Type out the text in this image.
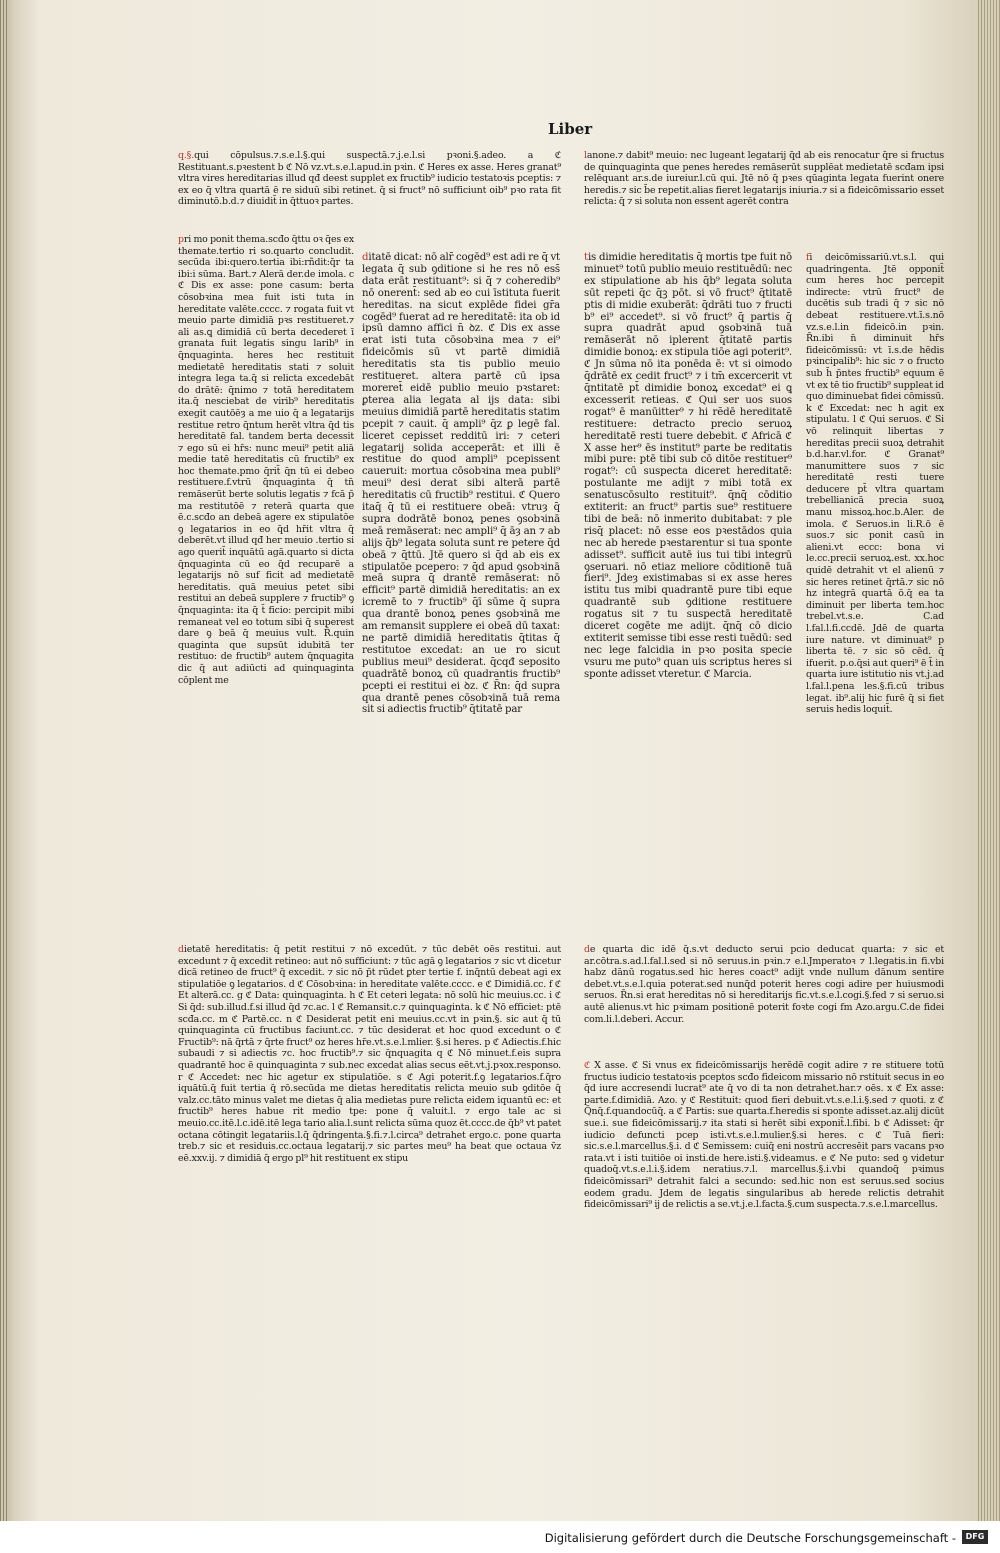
Liber
q.§.qui cōpulsus.⁊.s.e.l.§.qui suspectā.⁊.j.e.l.si pꝛoni.§.adeo. a ℭ Restituant.s.pꝛestent b ℭ Nō vz.vt.s.e.l.apud.in pꝛin. ℭ Heres ex asse. Heres granat⁹ vltra vires hereditarias illud qđ deest supplet ex fructib⁹ iudicio testatoꝛis pceptis: ⁊ ex eo q̄ vltra quartā ē re siduū sibi retinet. q̄ si fruct⁹ nō sufficiunt oib⁹ pꝛo rata fit diminutō.b.d.⁊ diuidit̄ in q̄ttuoꝛ partes.
pri mo ponit thema.scđo q̄ttu oꝛ q̄es ex themate.tertio ri so.quarto concludit. secūda ibi:quero.tertia ibi:rñdit:q̄r ta ibi:i sūma. Bart.⁊ Alerā der.de imola. c ℭ Dis ex asse: pone casum: berta cōsobꝛina mea fuit isti tuta in hereditate valēte.cccc. ⁊ rogata fuit vt meuio parte dimidiā pꝛs restitueret.⁊ ali as.ꝗ dimidiā cū berta decederet ī granata fuit legatis singu larib⁹ in q̄nquaginta. heres hec restituit medietatē hereditatis stati ⁊ soluit integra lega ta.q̄ si relicta excedebāt do drātē: q̄nimo ⁊ totā hereditatem ita.q̄ nesciebat de virib⁹ hereditatis exegit cautōēȝ a me uio q̄ a legatarijs restitue retro q̄ntum herēt vltra q̄d tis hereditatē fal. tandem berta decessit ⁊ ego sū ei hr̄s: nunc meui⁹ petit aliā medie tatē hereditatis cū fructib⁹ ex hoc themate.pmo q̄rit̄ q̄n tū ei debeo restituere.f.vtrū q̄nquaginta q̄ tn̄ remāserūt berte solutis legatis ⁊ fcā p̄ ma restitutōē ⁊ reterā quarta que ē.c.scđo an debeā agere ex stipulatōe ꝯ legatarios in eo q̄d hr̄it vltra q̄ deberēt.vt illud qđ her meuio .tertio si ago querit̄ inquātū agā.quarto si dicta q̄nquaginta cū eo q̄d recuparē a legatarijs nō suf ficit ad medietatē hereditatis. quā meuius petet sibi restitui an debeā supplere ⁊ fructib⁹ ꝯ q̄nquaginta: ita q̄ t̄ ficio: percipit mibi remaneat vel eo totum sibi q̄ superest dare ꝯ beā q̄ meuius vult. R̄.quin quaginta que supsūt idubitā ter restituo: de fructib⁹ autem q̄nquagita dic q̄ aut adiūcti ad quinquaginta cōplent me
ditatē dicat: nō alr̄ cogēd⁹ est adi re q̄ vt legata q̄ sub ꝯditione si he res nō ess̄ data erāt restituant⁹: si q̄ ⁊ coheredib⁹ nō onerent̄: sed ab eo cui īstituta fuerit hereditas. na sicut explēde fidei gr̄a cogēd⁹ fuerat ad re hereditatē: ita ob id ipsū damno affici n̄ ꝺz. ℭ Dis ex asse erat isti tuta cōsobꝛina mea ⁊ ei⁹ fideicōmis sū vt partē dimidiā hereditatis sta tis publio meuio restitueret. altera partē cū ipsa moreret̄ eidē publio meuio pꝛstaret: ꝑterea alia legata al ijs data: sibi meuius dimidiā partē hereditatis statim pcepit ⁊ cauit. q̄ ampli⁹ q̄z ꝑ legē fal. liceret cepisset redditū iri: ⁊ ceteri legatarij solida acceperāt: et illi ē restitue do quod ampli⁹ pcepissent caueruit: mortua cōsobꝛina mea publi⁹ meui⁹ desi derat sibi alterā partē hereditatis cū fructib⁹ restitui. ℭ Quero itaq̄ q̄ tū ei restituere obeā: vtruȝ q̄ supra dodrātē bonoꝝ penes ꝯsobꝛinā meā remāserat: nec ampli⁹ q̄ āȝ an ⁊ ab alijs q̄b⁹ legata soluta sunt re petere q̄d obeā ⁊ q̄ttū. Jtē quero si q̄d ab eis ex stipulatōe pcepero: ⁊ q̄d apud ꝯsobꝛinā meā supra q̄ drantē remāserat: nō efficit⁹ partē dimidiā hereditatis: an ex icremē to ⁊ fructib⁹ q̄ī sūme q̄ supra qua drantē bonoꝝ penes ꝯsobꝛinā me am remansit supplere ei obeā dū taxat: ne partē dimidiā hereditatis q̄titas q̄ restitutoe excedat: an ue ro sicut publius meui⁹ desiderat. q̄cqđ seposito quadrātē bonoꝝ cū quadrantis fructib⁹ pcepti ei restitui ei ꝺz. ℭ R̄n: q̄d supra qua drantē penes cōsobꝛinā tuā rema sit si adiectis fructib⁹ q̄titatē par
tis dimidie hereditatis q̄ mortis tpe fuit nō minuet⁹ totū publio meuio restituēdū: nec ex stipulatione ab his q̄b⁹ legata soluta sūt repeti q̄c q̄ꝫ pōt. si vō fruct⁹ q̄titatē ptis di midie exuberāt: q̄drāti tuo ⁊ fructi b⁹ ei⁹ accedet⁹. si vō fruct⁹ q̄ partis q̄ supra quadrāt apud ꝯsobꝛinā tuā remāserāt nō iplerent q̄titatē partis dimidie bonoꝝ: ex stipula tiōe agi poterit⁹. ℭ Jn sūma nō ita ponēda ē: vt si oimodo q̄drātē ex cedit fruct⁹ ⁊ i tm̄ excercerit vt q̄ntitatē pt̄ dimidie bonoꝝ excedat⁹ ei ꝗ excesserit retieas. ℭ Qui ser uos suos rogat⁹ ē manūitter⁹ ⁊ hi rẽdē hereditatē restituere: detracto precio seruoꝝ hereditatē resti tuere debebit. ℭ Africā ℭ X asse her⁹ ēs institut⁹ parte be reditatis mibi pure: ptē tibi sub cō ditōe restituer⁹ rogat⁹: cū suspecta diceret hereditatē: postulante me adijt ⁊ mibi totā ex senatuscōsulto restituit⁹. q̄nq̄ cōditio extiterit: an fruct⁹ partis sue⁹ restituere tibi de beā: nō inmerito dubitabat: ⁊ ple risq̄ placet: nō esse eos pꝛestādos quia nec ab herede pꝛestarentur si tua sponte adisset⁹. sufficit autē ius tui tibi integrū ꝯseruari. nō etiaz meliore cōditionē tuā fieri⁹. Jdeȝ existimabas si ex asse heres istitu tus mibi quadrantē pure tibi eque quadrantē sub ꝯditione restituere rogatus sit ⁊ tu suspectā hereditatē diceret cogēte me adijt. q̄nq̄ cō dicio extiterit semisse tibi esse resti tuēdū: sed nec lege falcidia in pꝛo posita specie vsuru me puto⁹ quan uis scriptus heres si sponte adisset vteretur. ℭ Marcia.
lanone.⁊ dabit⁹ meuio: nec lugeant legatarij q̄d ab eis renocatur q̄re si fructus de quinquaginta que penes heredes remāserūt supplēat medietatē scđam ipsi relēquant ar.s.de iureiur.l.cū qui. Jtē nō q̄ pꝛes qūaginta legata fuerint onere heredis.⁊ sic b̄e repetit.alias fieret legatarijs iniuria.⁊ si a fideicōmissario esset relicta: q̄ ⁊ si soluta non essent agerēt contra
fi deicōmissariū.vt.s.l. qui quadringenta. Jtē opponit̄ cum heres hoc percepit indirecte: vtrū fruct⁹ de ducētis sub tradi q̄ ⁊ sic nō debeat restituere.vt.ī.s.nō vz.s.e.l.in fideicō.in pꝛin. R̄n.ibi n̄ diminuit hr̄s fideicōmissū: vt ī.s.de hēdis pꝛincipalib⁹: hic sic ⁊ o fructo sub h̄ p̄ntes fructib⁹ equum ē vt ex tē tio fructib⁹ suppleat id quo diminuebat fidei cōmissū. k ℭ Excedat: nec h agit ex stipulatu. l ℭ Qui seruos. ℭ Si vō relinquit libertas ⁊ hereditas precii suoꝝ detrahit b.d.har.vl.for. ℭ Granat⁹ manumittere suos ⁊ sic hereditatē resti tuere deducere pt̄ vltra quartam trebellianicā precia suoꝝ manu missoꝝ.hoc.b.Aler. de imola. ℭ Seruos.in li.R.ō ē suos.⁊ sic ponit casū in alieni.vt eccc: bona vi le.cc.precii seruoꝝ.est. xx.hoc quidē detrahit vt el alienū ⁊ sic heres retinet q̄rtā.⁊ sic nō hz integrā quartā ō.q̄ ea ta diminuit per liberta tem.hoc trebel.vt.s.e. C.ad l.fal.l.fi.ccdē. Jdē de quarta iure nature. vt diminuat⁹ p liberta tē. ⁊ sic sō cēd. q̄ ifuerit. p.o.q̄si aut queri⁹ ē t̄ in quarta iure istitutio nis vt.j.ad l.fal.l.pena les.§.fi.cū tribus legat. ib⁹.alij hic furē q̄ si fiet seruis hedis loquit̄.
de quarta dic idē q̄.s.vt deducto serui pcio deducat quarta: ⁊ sic et ar.cōtra.s.ad.l.fal.l.sed si nō seruus.in pꝛin.⁊ e.l.Jmperatoꝛ ⁊ l.legatis.in fi.vbi habz dānū rogatus.sed hic heres coact⁹ adijt vnde nullum dānum sentire debet.vt.s.e.l.quia poterat.sed nunq̄d poterit heres cogi adire per huiusmodi seruos. R̄n.si erat hereditas nō si hereditarijs fic.vt.s.e.l.cogi.§.fed ⁊ si seruo.si autē alienus.vt hic pꝛimam positionē poterit foꝛte cogi fm Azo.argu.C.de fidei com.li.l.deberi. Accur.
dietatē hereditatis: q̄ petit̄ restitui ⁊ nō excedūt. ⁊ tūc debēt oēs restitui. aut excedunt ⁊ q̄ excedit retineo: aut nō sufficiunt: ⁊ tūc agā ꝯ legatarios ⁊ sic vt dicetur dicā retineo de fruct⁹ q̄ excedit. ⁊ sic nō p̄t rūdet ꝑter tertie f. inq̄ntū debeat agi ex stipulatiōe ꝯ legatarios. d ℭ Cōsobꝛina: in hereditate valēte.cccc. e ℭ Dimidiā.cc. f ℭ Et alterā.cc. g ℭ Data: quinquaginta. h ℭ Et ceteri legata: nō solū hic meuius.cc. i ℭ Si q̄d: sub.illud.f.si illud q̄d ⁊c.ac. l ℭ Remansit.c.⁊ quinquaginta. k ℭ Nō efficiet: ptē scđa.cc. m ℭ Partē.cc. n ℭ Desiderat petit eni meuius.cc.vt in pꝛin.§. sic aut q̄ tū quinquaginta cū fructibus faciunt.cc. ⁊ tūc desiderat et hoc quod excedunt o ℭ Fructib⁹: nā q̄rtā ⁊ q̄rte fruct⁹ oz heres hr̄e.vt.s.e.l.mlier. §.si heres. p ℭ Adiectis.f.hic subaudi ⁊ si adiectis ⁊c. hoc fructib⁹.⁊ sic q̄nquagita q ℭ Nō minuet.f.eis supra quadrantē hoc ē quinquaginta ⁊ sub.nec excedat alias secus eēt.vt.j.pꝛox.responso. r ℭ Accedet: nec hic agetur ex stipulatiōe. s ℭ Agi poterit.f.ꝯ legatarios.f.q̄ro iquātū.q̄ fuit tertia q̄ rō.secūda me dietas hereditatis relicta meuio sub ꝯditōe q̄ valz.cc.tāto minus valet me dietas q̄ alia medietas pure relicta eidem iquantū ec: et fructib⁹ heres habue rit medio tpe: pone q̄ valuit.l. ⁊ ergo tale ac si meuio.cc.itē.l.c.idē.itē lega tario alia.l.sunt relicta sūma quoz ēt.cccc.de q̄b⁹ vt patet octana cōtingit legatariis.l.q̄ q̄dringenta.§.fi.⁊.l.circa⁹ detrahet ergo.c. pone quarta treb.⁊ sic et residuis.cc.octaua legatarij.⁊ sic partes meu⁹ ha beat que octaua v̄z eē.xxv.ij. ⁊ dimidiā q̄ ergo pl⁹ hit restituent ex stipu
ℭ X asse. ℭ Si vnus ex fideicōmissarijs herēdē cogit adire ⁊ re stituere totū fructus iudicio testatoꝛis pceptos scđo fideicom missario nō rstituit secus in eo q̄d iure accresendi lucrat⁹ ate q̄ vo di ta non detrahet.har.⁊ oēs. x ℭ Ex asse: parte.f.dimidiā. Azo. y ℭ Restituit: quod fieri debuit.vt.s.e.l.i.§.sed ⁊ quoti. z ℭ Q̄nq̄.f.quandocūq̄. a ℭ Partis: sue quarta.f.heredis si sponte adisset.az.alij dicūt sue.i. sue fideicōmissarij.⁊ ita stati si herēt sibi exponit̄.l.fibi. b ℭ Adisset: q̄r iudicio defuncti pcep isti.vt.s.e.l.mulier.§.si heres. c ℭ Tuā fieri: sic.s.e.l.marcellus.§.i. d ℭ Semissem: cuiq̄ eni nostrū accresēit pars vacans pꝛo rata.vt i isti tuitiōe oi insti.de here.isti.§.videamus. e ℭ Ne puto: sed ꝯ videtur quadoq̄.vt.s.e.l.i.§.idem neratius.⁊.l. marcellus.§.i.vbi quandoq̄ pꝛimus fideicōmissari⁹ detrahit falci a secundo: sed.hic non est seruus.sed socius eodem gradu. Jdem de legatis singularibus ab herede relictis detrahit fideicōmissari⁹ ij de relictis a se.vt.j.e.l.facta.§.cum suspecta.⁊.s.e.l.marcellus.
Digitalisierung gefördert durch die Deutsche Forschungsgemeinschaft -	DFG
